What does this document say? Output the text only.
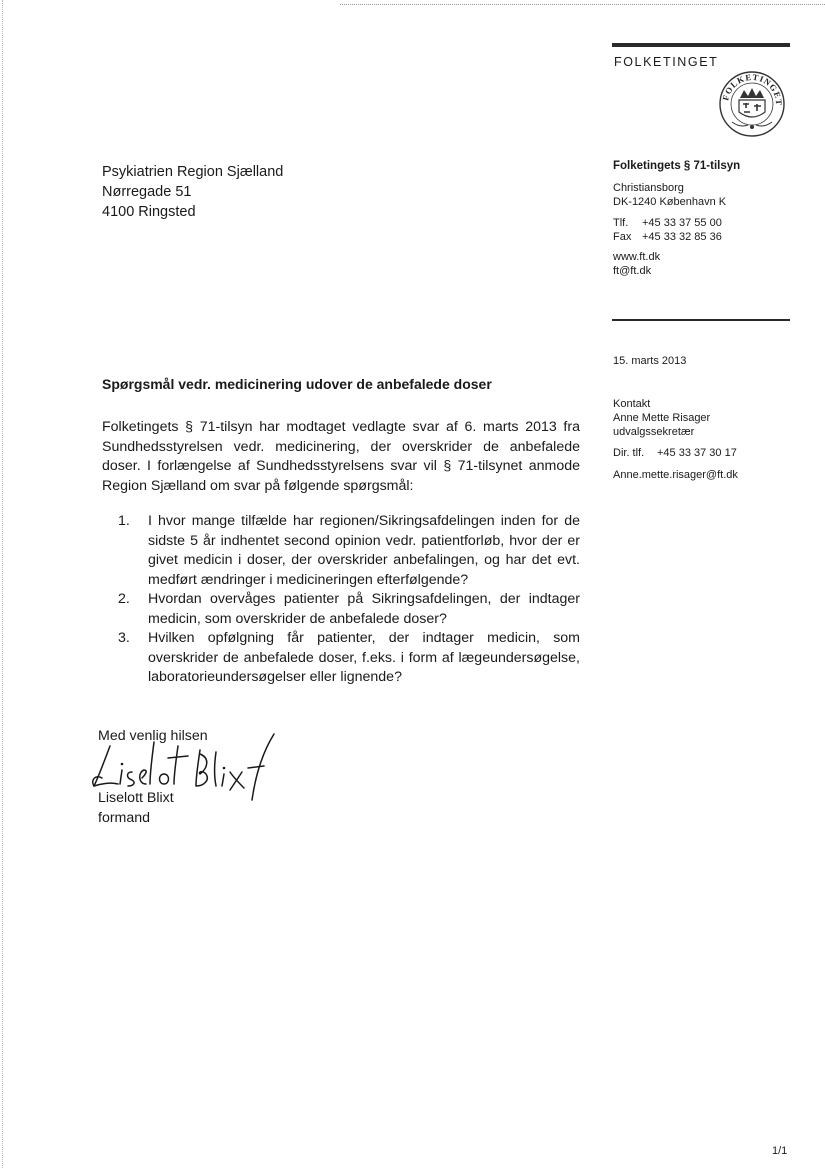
FOLKETINGET
FOLKETINGET
Psykiatrien Region Sjælland
Nørregade 51
4100 Ringsted
Folketingets § 71-tilsyn
Christiansborg
DK-1240 København K
Tlf. +45 33 37 55 00
Fax +45 33 32 85 36
www.ft.dk
ft@ft.dk
15. marts 2013
Kontakt
Anne Mette Risager
udvalgssekretær
Dir. tlf. +45 33 37 30 17
Anne.mette.risager@ft.dk
Spørgsmål vedr. medicinering udover de anbefalede doser
Folketingets § 71-tilsyn har modtaget vedlagte svar af 6. marts 2013 fra Sundhedsstyrelsen vedr. medicinering, der overskrider de anbefalede doser. I forlængelse af Sundhedsstyrelsens svar vil § 71-tilsynet anmode Region Sjælland om svar på følgende spørgsmål:
1. I hvor mange tilfælde har regionen/Sikringsafdelingen inden for de sidste 5 år indhentet second opinion vedr. patientforløb, hvor der er givet medicin i doser, der overskrider anbefalingen, og har det evt. medført ændringer i medicineringen efterfølgende?
2. Hvordan overvåges patienter på Sikringsafdelingen, der indtager medicin, som overskrider de anbefalede doser?
3. Hvilken opfølgning får patienter, der indtager medicin, som overskrider de anbefalede doser, f.eks. i form af lægeundersøgelse, laboratorieundersøgelser eller lignende?
Med venlig hilsen
Liselott Blixt
formand
1/1
